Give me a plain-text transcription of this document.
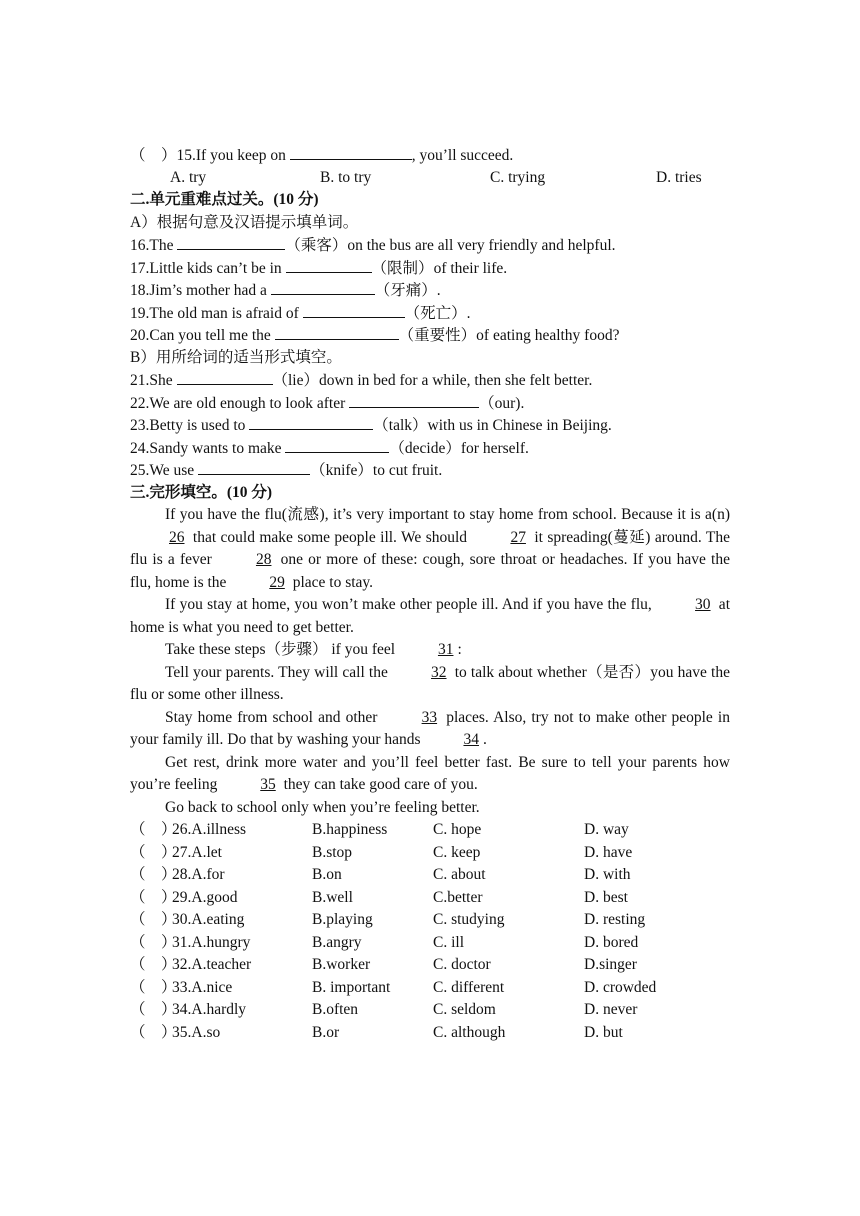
（　）15.If you keep on	, you’ll succeed.
A. try	B. to try	C. trying	D. tries
二.单元重难点过关。(10 分)
A）根据句意及汉语提示填单词。
16.The	（乘客）on the bus are all very friendly and helpful.
17.Little kids can’t be in	（限制）of their life.
18.Jim’s mother had a	（牙痛）.
19.The old man is afraid of	（死亡）.
20.Can you tell me the	（重要性）of eating healthy food?
B）用所给词的适当形式填空。
21.She	（lie）down in bed for a while, then she felt better.
22.We are old enough to look after	（our).
23.Betty is used to	（talk）with us in Chinese in Beijing.
24.Sandy wants to make	（decide）for herself.
25.We use	（knife）to cut fruit.
三.完形填空。(10 分)
If you have the flu(流感), it’s very important to stay home from school. Because it is a(n)26 that could make some people ill. We should	27 it spreading(蔓延) around. The flu is a fever	28 one or more of these: cough, sore throat or headaches. If you have the flu, home is the	29 place to stay.
If you stay at home, you won’t make other people ill. And if you have the flu,	30 at home is what you need to get better.
Take these steps（步骤） if you feel	31 :
Tell your parents. They will call the	32 to talk about whether（是否）you have the flu or some other illness.
Stay home from school and other	33 places. Also, try not to make other people in your family ill. Do that by washing your hands	34 .
Get rest, drink more water and you’ll feel better fast. Be sure to tell your parents how you’re feeling	35 they can take good care of you.
Go back to school only when you’re feeling better.
（　）
26.A.illness	B.happiness	C. hope	D. way
（　）
27.A.let	B.stop	C. keep	D. have
（　）
28.A.for	B.on	C. about	D. with
（　）
29.A.good	B.well	C.better	D. best
（　）
30.A.eating	B.playing	C. studying	D. resting
（　）
31.A.hungry	B.angry	C. ill	D. bored
（　）
32.A.teacher	B.worker	C. doctor	D.singer
（　）
33.A.nice	B. important	C. different	D. crowded
（　）
34.A.hardly	B.often	C. seldom	D. never
（　）
35.A.so	B.or	C. although	D. but
